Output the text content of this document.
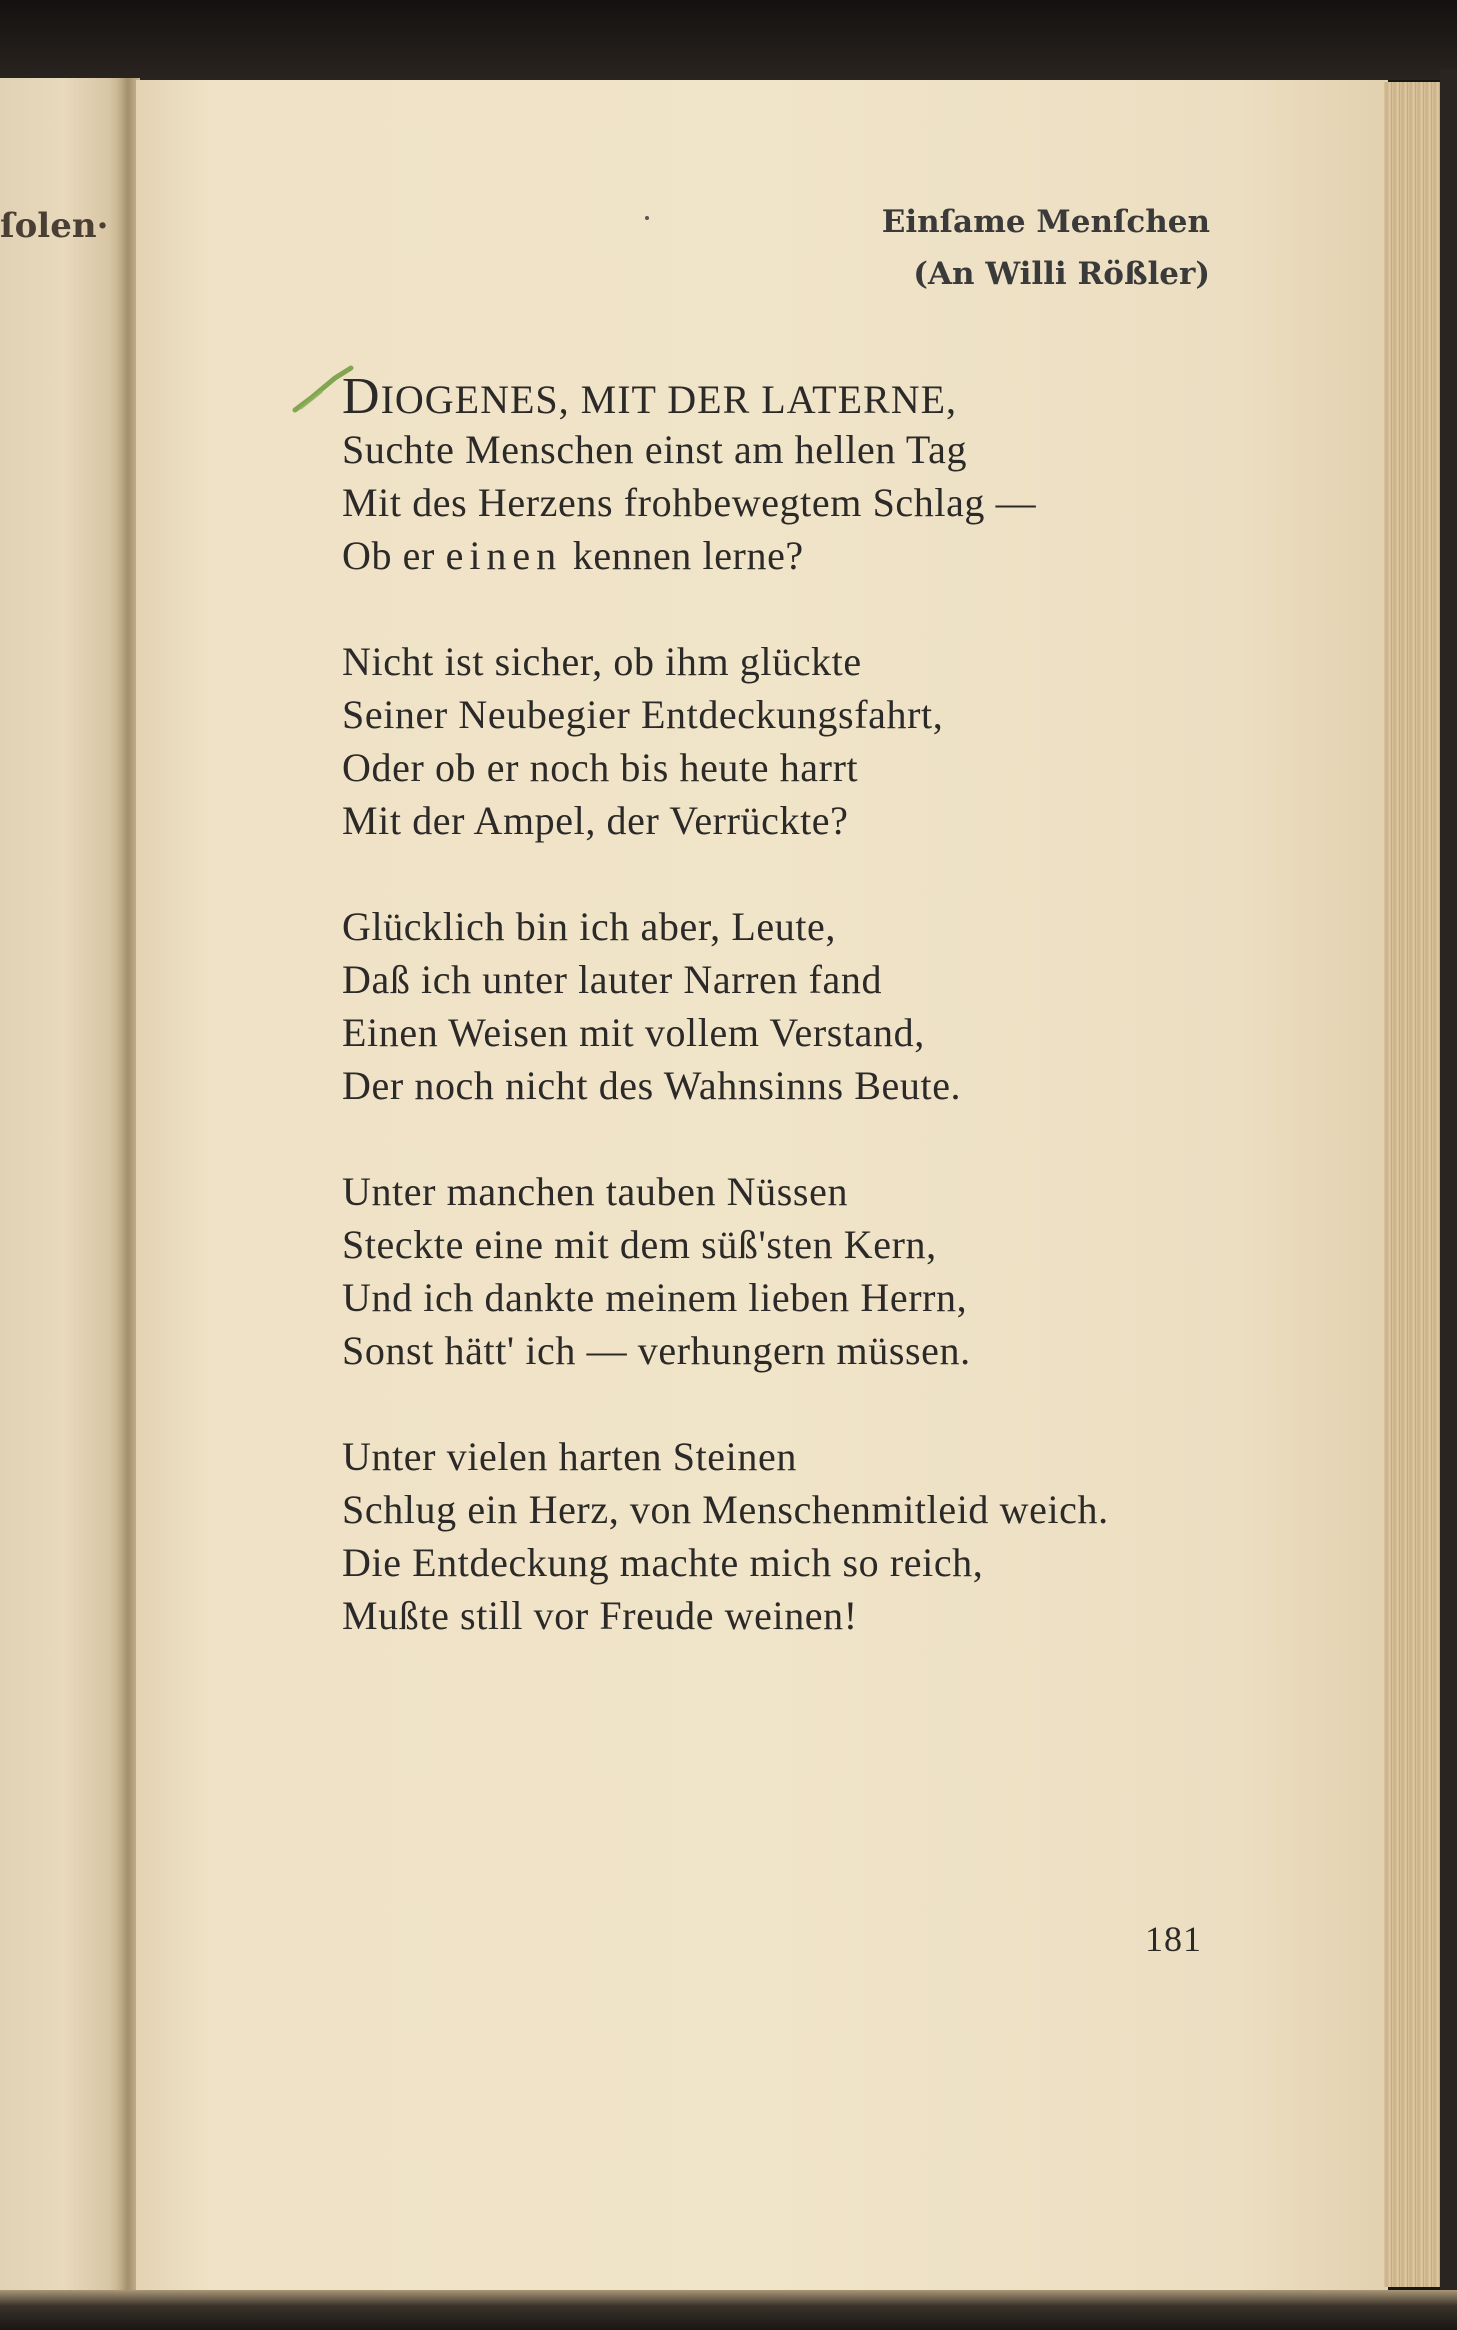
ſolen·	Einſame Menſchen
(An Willi Rößler)
DIOGENES, MIT DER LATERNE,
Suchte Menschen einst am hellen Tag
Mit des Herzens frohbewegtem Schlag —
Ob er einen kennen lerne?
Nicht ist sicher, ob ihm glückte
Seiner Neubegier Entdeckungsfahrt,
Oder ob er noch bis heute harrt
Mit der Ampel, der Verrückte?
Glücklich bin ich aber, Leute,
Daß ich unter lauter Narren fand
Einen Weisen mit vollem Verstand,
Der noch nicht des Wahnsinns Beute.
Unter manchen tauben Nüssen
Steckte eine mit dem süß'sten Kern,
Und ich dankte meinem lieben Herrn,
Sonst hätt' ich — verhungern müssen.
Unter vielen harten Steinen
Schlug ein Herz, von Menschenmitleid weich.
Die Entdeckung machte mich so reich,
Mußte still vor Freude weinen!
181
